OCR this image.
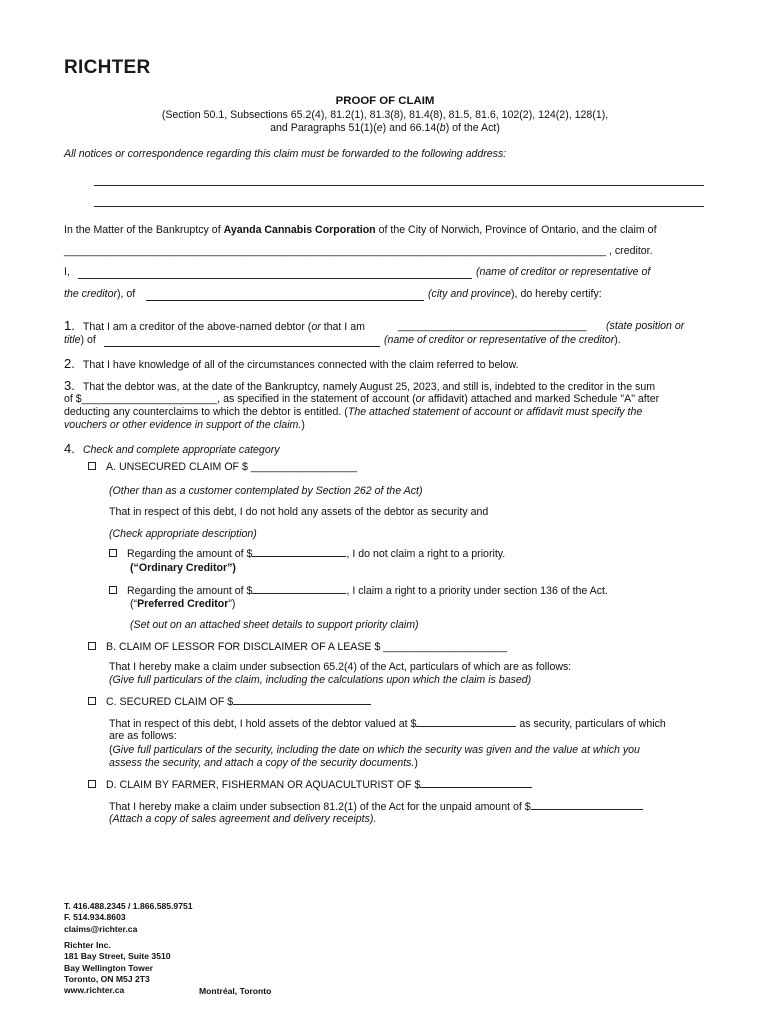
RICHTER
PROOF OF CLAIM
(Section 50.1, Subsections 65.2(4), 81.2(1), 81.3(8), 81.4(8), 81.5, 81.6, 102(2), 124(2), 128(1),
and Paragraphs 51(1)(e) and 66.14(b) of the Act)
All notices or correspondence regarding this claim must be forwarded to the following address:
In the Matter of the Bankruptcy of Ayanda Cannabis Corporation of the City of Norwich, Province of Ontario, and the claim of
____________________________________________________________________________________________ , creditor.
I,	(name of creditor or representative of
the creditor), of	(city and province), do hereby certify:
1. That I am a creditor of the above-named debtor (or that I am	________________________________ (state position or
title) of	(name of creditor or representative of the creditor).
2. That I have knowledge of all of the circumstances connected with the claim referred to below.
3. That the debtor was, at the date of the Bankruptcy, namely August 25, 2023, and still is, indebted to the creditor in the sum
of $_______________________, as specified in the statement of account (or affidavit) attached and marked Schedule "A" after
deducting any counterclaims to which the debtor is entitled. (The attached statement of account or affidavit must specify the
vouchers or other evidence in support of the claim.)
4. Check and complete appropriate category
A. UNSECURED CLAIM OF $ __________________
(Other than as a customer contemplated by Section 262 of the Act)
That in respect of this debt, I do not hold any assets of the debtor as security and
(Check appropriate description)
Regarding the amount of $	, I do not claim a right to a priority.
(“Ordinary Creditor”)
Regarding the amount of $	, I claim a right to a priority under section 136 of the Act.
(“Preferred Creditor”)
(Set out on an attached sheet details to support priority claim)
B. CLAIM OF LESSOR FOR DISCLAIMER OF A LEASE $ _____________________
That I hereby make a claim under subsection 65.2(4) of the Act, particulars of which are as follows:
(Give full particulars of the claim, including the calculations upon which the claim is based)
C. SECURED CLAIM OF $
That in respect of this debt, I hold assets of the debtor valued at $	as security, particulars of which
are as follows:
(Give full particulars of the security, including the date on which the security was given and the value at which you
assess the security, and attach a copy of the security documents.)
D. CLAIM BY FARMER, FISHERMAN OR AQUACULTURIST OF $
That I hereby make a claim under subsection 81.2(1) of the Act for the unpaid amount of $
(Attach a copy of sales agreement and delivery receipts).
T. 416.488.2345 / 1.866.585.9751
F. 514.934.8603
claims@richter.ca
Richter Inc.
181 Bay Street, Suite 3510
Bay Wellington Tower
Toronto, ON M5J 2T3
www.richter.ca	Montréal, Toronto
